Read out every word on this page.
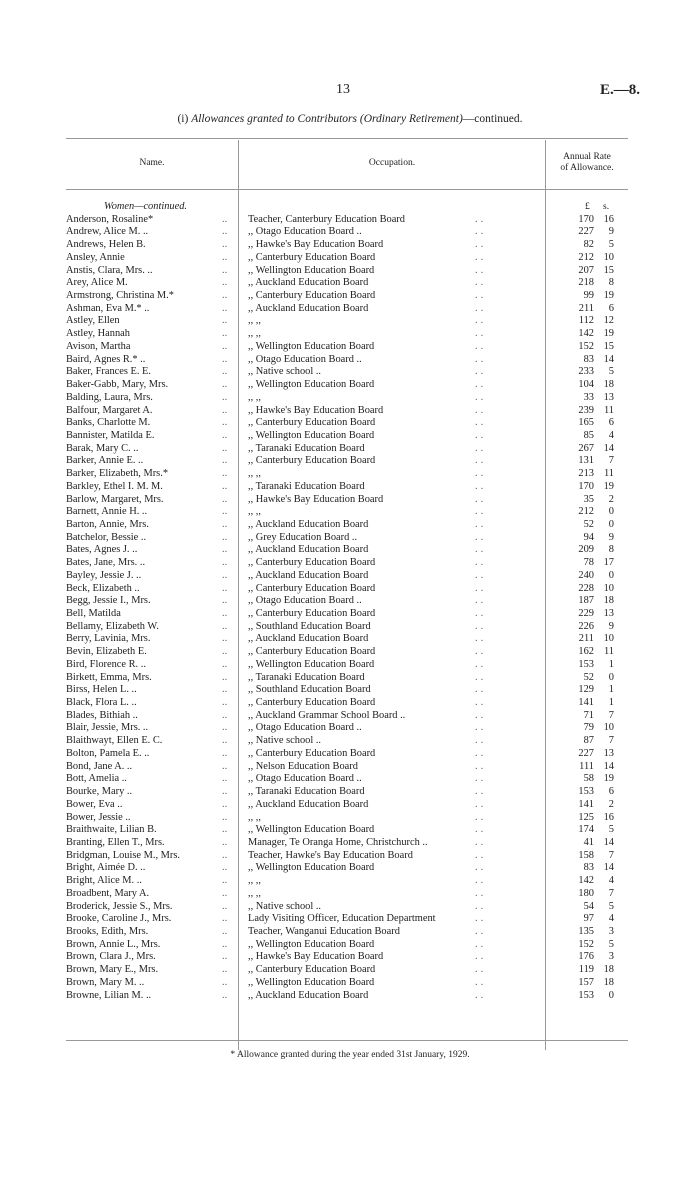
13	E.—8.
(i) Allowances granted to Contributors (Ordinary Retirement)—continued.
Name.	Occupation.
Annual Rate
of Allowance.
Women—continued.	£ s.
Anderson, Rosaline*	.. Teacher, Canterbury Education Board	..	170 16
Andrew, Alice M. ..	.. ,, Otago Education Board ..	..	227	9
Andrews, Helen B.	.. ,, Hawke's Bay Education Board	..	82	5
Ansley, Annie	.. ,, Canterbury Education Board	..	212 10
Anstis, Clara, Mrs. ..	.. ,, Wellington Education Board	..	207 15
Arey, Alice M.	.. ,, Auckland Education Board	..	218	8
Armstrong, Christina M.*	.. ,, Canterbury Education Board	..	99 19
Ashman, Eva M.* ..	.. ,, Auckland Education Board	..	211	6
Astley, Ellen	.. ,, ,,	..	112 12
Astley, Hannah	.. ,, ,,	..	142 19
Avison, Martha	.. ,, Wellington Education Board	..	152 15
Baird, Agnes R.* ..	.. ,, Otago Education Board ..	..	83 14
Baker, Frances E. E.	.. ,, Native school ..	..	233	5
Baker-Gabb, Mary, Mrs.	.. ,, Wellington Education Board	..	104 18
Balding, Laura, Mrs.	.. ,, ,,	..	33 13
Balfour, Margaret A.	.. ,, Hawke's Bay Education Board	..	239 11
Banks, Charlotte M.	.. ,, Canterbury Education Board	..	165	6
Bannister, Matilda E.	.. ,, Wellington Education Board	..	85	4
Barak, Mary C. ..	.. ,, Taranaki Education Board	..	267 14
Barker, Annie E. ..	.. ,, Canterbury Education Board	..	131	7
Barker, Elizabeth, Mrs.*	.. ,, ,,	..	213 11
Barkley, Ethel I. M. M.	.. ,, Taranaki Education Board	..	170 19
Barlow, Margaret, Mrs.	.. ,, Hawke's Bay Education Board	..	35	2
Barnett, Annie H. ..	.. ,, ,,	..	212	0
Barton, Annie, Mrs.	.. ,, Auckland Education Board	..	52	0
Batchelor, Bessie ..	.. ,, Grey Education Board ..	..	94	9
Bates, Agnes J. ..	.. ,, Auckland Education Board	..	209	8
Bates, Jane, Mrs. ..	.. ,, Canterbury Education Board	..	78 17
Bayley, Jessie J. ..	.. ,, Auckland Education Board	..	240	0
Beck, Elizabeth ..	.. ,, Canterbury Education Board	..	228 10
Begg, Jessie I., Mrs.	.. ,, Otago Education Board ..	..	187 18
Bell, Matilda	.. ,, Canterbury Education Board	..	229 13
Bellamy, Elizabeth W.	.. ,, Southland Education Board	..	226	9
Berry, Lavinia, Mrs.	.. ,, Auckland Education Board	..	211 10
Bevin, Elizabeth E.	.. ,, Canterbury Education Board	..	162 11
Bird, Florence R. ..	.. ,, Wellington Education Board	..	153	1
Birkett, Emma, Mrs.	.. ,, Taranaki Education Board	..	52	0
Birss, Helen L. ..	.. ,, Southland Education Board	..	129	1
Black, Flora L. ..	.. ,, Canterbury Education Board	..	141	1
Blades, Bithiah ..	.. ,, Auckland Grammar School Board ..	..	71	7
Blair, Jessie, Mrs. ..	.. ,, Otago Education Board ..	..	79 10
Blaithwayt, Ellen E. C.	.. ,, Native school ..	..	87	7
Bolton, Pamela E. ..	.. ,, Canterbury Education Board	..	227 13
Bond, Jane A. ..	.. ,, Nelson Education Board	..	111 14
Bott, Amelia ..	.. ,, Otago Education Board ..	..	58 19
Bourke, Mary ..	.. ,, Taranaki Education Board	..	153	6
Bower, Eva ..	.. ,, Auckland Education Board	..	141	2
Bower, Jessie ..	.. ,, ,,	..	125 16
Braithwaite, Lilian B.	.. ,, Wellington Education Board	..	174	5
Branting, Ellen T., Mrs.	.. Manager, Te Oranga Home, Christchurch ..	..	41 14
Bridgman, Louise M., Mrs.	.. Teacher, Hawke's Bay Education Board	..	158	7
Bright, Aimée D. ..	.. ,, Wellington Education Board	..	83 14
Bright, Alice M. ..	.. ,, ,,	..	142	4
Broadbent, Mary A.	.. ,, ,,	..	180	7
Broderick, Jessie S., Mrs.	.. ,, Native school ..	..	54	5
Brooke, Caroline J., Mrs.	.. Lady Visiting Officer, Education Department	..	97	4
Brooks, Edith, Mrs.	.. Teacher, Wanganui Education Board	..	135	3
Brown, Annie L., Mrs.	.. ,, Wellington Education Board	..	152	5
Brown, Clara J., Mrs.	.. ,, Hawke's Bay Education Board	..	176	3
Brown, Mary E., Mrs.	.. ,, Canterbury Education Board	..	119 18
Brown, Mary M. ..	.. ,, Wellington Education Board	..	157 18
Browne, Lilian M. ..	.. ,, Auckland Education Board	..	153	0
* Allowance granted during the year ended 31st January, 1929.
